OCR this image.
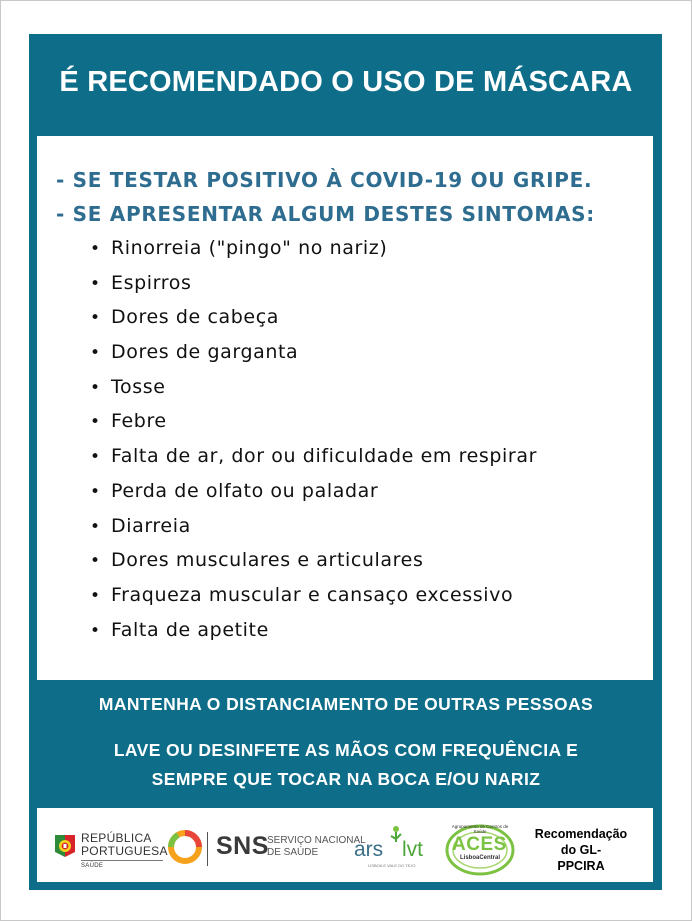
É RECOMENDADO O USO DE MÁSCARA
- SE TESTAR POSITIVO À COVID-19 OU GRIPE.
- SE APRESENTAR ALGUM DESTES SINTOMAS:
• Rinorreia ("pingo" no nariz)
• Espirros
• Dores de cabeça
• Dores de garganta
• Tosse
• Febre
• Falta de ar, dor ou dificuldade em respirar
• Perda de olfato ou paladar
• Diarreia
• Dores musculares e articulares
• Fraqueza muscular e cansaço excessivo
• Falta de apetite
MANTENHA O DISTANCIAMENTO DE OUTRAS PESSOAS
LAVE OU DESINFETE AS MÃOS COM FREQUÊNCIA E
SEMPRE QUE TOCAR NA BOCA E/OU NARIZ
REPÚBLICA
PORTUGUESA
SAÚDE
SNS
SERVIÇO NACIONAL
DE SAÚDE	ars lvt
LISBOA E VALE DO TEJO
Agrupamento de Centros de Saúde
ACES
LisboaCentral
Recomendação
do GL-
PPCIRA
